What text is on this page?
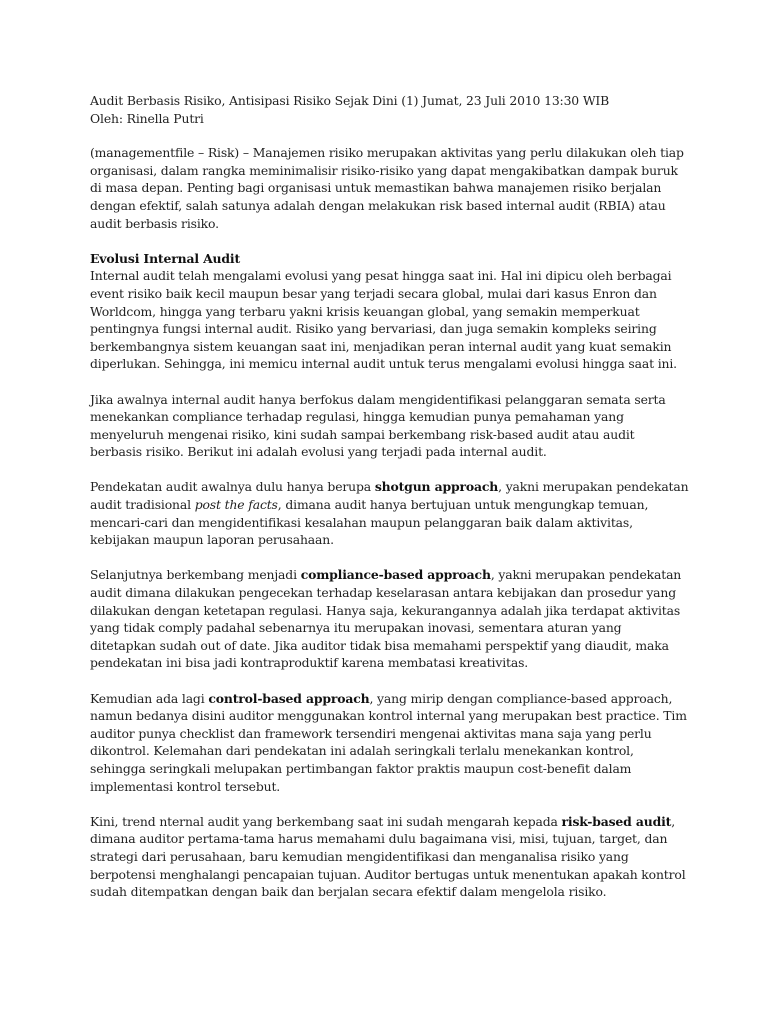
Audit Berbasis Risiko, Antisipasi Risiko Sejak Dini (1) Jumat, 23 Juli 2010 13:30 WIB

Oleh: Rinella Putri

(managementfile – Risk) – Manajemen risiko merupakan aktivitas yang perlu dilakukan oleh tiap organisasi, dalam rangka meminimalisir risiko-risiko yang dapat mengakibatkan dampak buruk di masa depan. Penting bagi organisasi untuk memastikan bahwa manajemen risiko berjalan dengan efektif, salah satunya adalah dengan melakukan risk based internal audit (RBIA) atau audit berbasis risiko.

Evolusi Internal Audit

Internal audit telah mengalami evolusi yang pesat hingga saat ini. Hal ini dipicu oleh berbagai event risiko baik kecil maupun besar yang terjadi secara global, mulai dari kasus Enron dan Worldcom, hingga yang terbaru yakni krisis keuangan global, yang semakin memperkuat pentingnya fungsi internal audit. Risiko yang bervariasi, dan juga semakin kompleks seiring berkembangnya sistem keuangan saat ini, menjadikan peran internal audit yang kuat semakin diperlukan. Sehingga, ini memicu internal audit untuk terus mengalami evolusi hingga saat ini.

Jika awalnya internal audit hanya berfokus dalam mengidentifikasi pelanggaran semata serta menekankan compliance terhadap regulasi, hingga kemudian punya pemahaman yang menyeluruh mengenai risiko, kini sudah sampai berkembang risk-based audit atau audit berbasis risiko. Berikut ini adalah evolusi yang terjadi pada internal audit.

Pendekatan audit awalnya dulu hanya berupa shotgun approach, yakni merupakan pendekatan audit tradisional post the facts, dimana audit hanya bertujuan untuk mengungkap temuan, mencari-cari dan mengidentifikasi kesalahan maupun pelanggaran baik dalam aktivitas, kebijakan maupun laporan perusahaan.

Selanjutnya berkembang menjadi compliance-based approach, yakni merupakan pendekatan audit dimana dilakukan pengecekan terhadap keselarasan antara kebijakan dan prosedur yang dilakukan dengan ketetapan regulasi. Hanya saja, kekurangannya adalah jika terdapat aktivitas yang tidak comply padahal sebenarnya itu merupakan inovasi, sementara aturan yang ditetapkan sudah out of date. Jika auditor tidak bisa memahami perspektif yang diaudit, maka pendekatan ini bisa jadi kontraproduktif karena membatasi kreativitas.

Kemudian ada lagi control-based approach, yang mirip dengan compliance-based approach, namun bedanya disini auditor menggunakan kontrol internal yang merupakan best practice. Tim auditor punya checklist dan framework tersendiri mengenai aktivitas mana saja yang perlu dikontrol. Kelemahan dari pendekatan ini adalah seringkali terlalu menekankan kontrol, sehingga seringkali melupakan pertimbangan faktor praktis maupun cost-benefit dalam implementasi kontrol tersebut.

Kini, trend nternal audit yang berkembang saat ini sudah mengarah kepada risk-based audit, dimana auditor pertama-tama harus memahami dulu bagaimana visi, misi, tujuan, target, dan strategi dari perusahaan, baru kemudian mengidentifikasi dan menganalisa risiko yang berpotensi menghalangi pencapaian tujuan. Auditor bertugas untuk menentukan apakah kontrol sudah ditempatkan dengan baik dan berjalan secara efektif dalam mengelola risiko.
